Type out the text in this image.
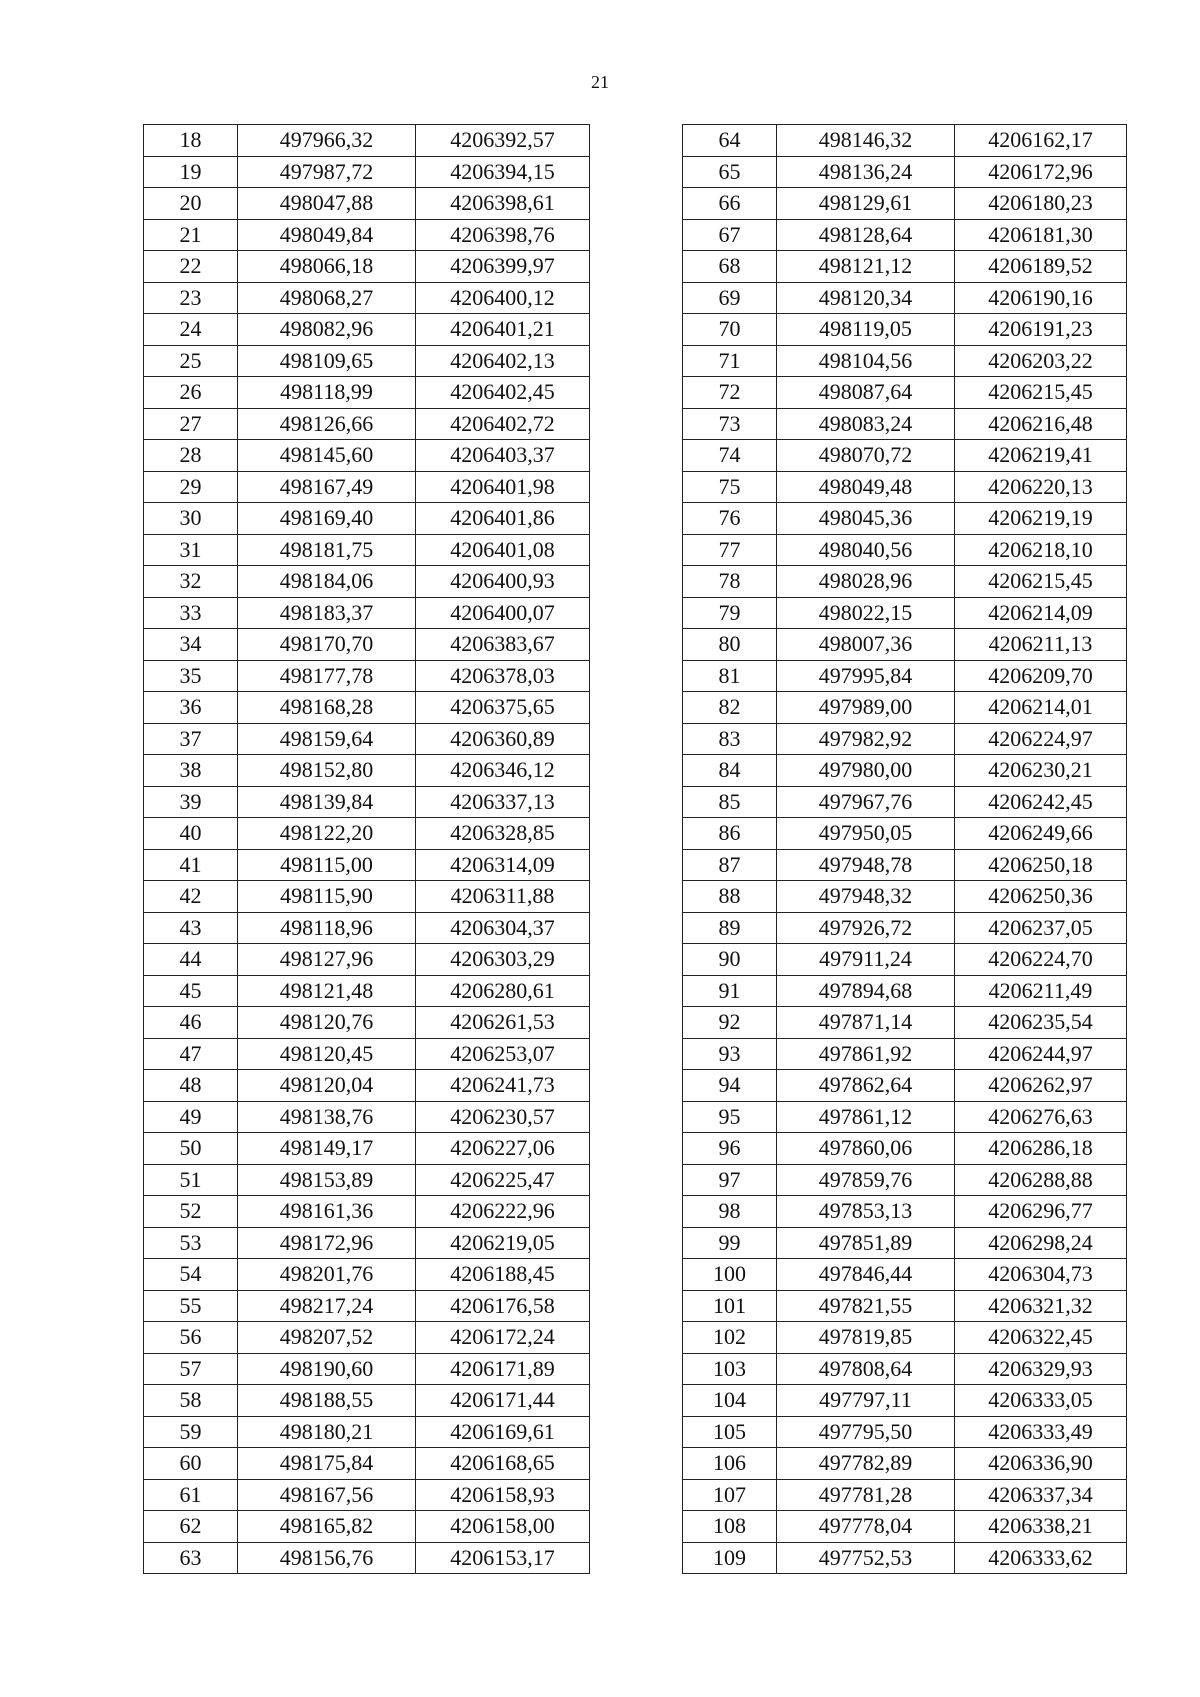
21
18	497966,32	4206392,57
19	497987,72	4206394,15
20	498047,88	4206398,61
21	498049,84	4206398,76
22	498066,18	4206399,97
23	498068,27	4206400,12
24	498082,96	4206401,21
25	498109,65	4206402,13
26	498118,99	4206402,45
27	498126,66	4206402,72
28	498145,60	4206403,37
29	498167,49	4206401,98
30	498169,40	4206401,86
31	498181,75	4206401,08
32	498184,06	4206400,93
33	498183,37	4206400,07
34	498170,70	4206383,67
35	498177,78	4206378,03
36	498168,28	4206375,65
37	498159,64	4206360,89
38	498152,80	4206346,12
39	498139,84	4206337,13
40	498122,20	4206328,85
41	498115,00	4206314,09
42	498115,90	4206311,88
43	498118,96	4206304,37
44	498127,96	4206303,29
45	498121,48	4206280,61
46	498120,76	4206261,53
47	498120,45	4206253,07
48	498120,04	4206241,73
49	498138,76	4206230,57
50	498149,17	4206227,06
51	498153,89	4206225,47
52	498161,36	4206222,96
53	498172,96	4206219,05
54	498201,76	4206188,45
55	498217,24	4206176,58
56	498207,52	4206172,24
57	498190,60	4206171,89
58	498188,55	4206171,44
59	498180,21	4206169,61
60	498175,84	4206168,65
61	498167,56	4206158,93
62	498165,82	4206158,00
63	498156,76	4206153,17
64	498146,32	4206162,17
65	498136,24	4206172,96
66	498129,61	4206180,23
67	498128,64	4206181,30
68	498121,12	4206189,52
69	498120,34	4206190,16
70	498119,05	4206191,23
71	498104,56	4206203,22
72	498087,64	4206215,45
73	498083,24	4206216,48
74	498070,72	4206219,41
75	498049,48	4206220,13
76	498045,36	4206219,19
77	498040,56	4206218,10
78	498028,96	4206215,45
79	498022,15	4206214,09
80	498007,36	4206211,13
81	497995,84	4206209,70
82	497989,00	4206214,01
83	497982,92	4206224,97
84	497980,00	4206230,21
85	497967,76	4206242,45
86	497950,05	4206249,66
87	497948,78	4206250,18
88	497948,32	4206250,36
89	497926,72	4206237,05
90	497911,24	4206224,70
91	497894,68	4206211,49
92	497871,14	4206235,54
93	497861,92	4206244,97
94	497862,64	4206262,97
95	497861,12	4206276,63
96	497860,06	4206286,18
97	497859,76	4206288,88
98	497853,13	4206296,77
99	497851,89	4206298,24
100	497846,44	4206304,73
101	497821,55	4206321,32
102	497819,85	4206322,45
103	497808,64	4206329,93
104	497797,11	4206333,05
105	497795,50	4206333,49
106	497782,89	4206336,90
107	497781,28	4206337,34
108	497778,04	4206338,21
109	497752,53	4206333,62
